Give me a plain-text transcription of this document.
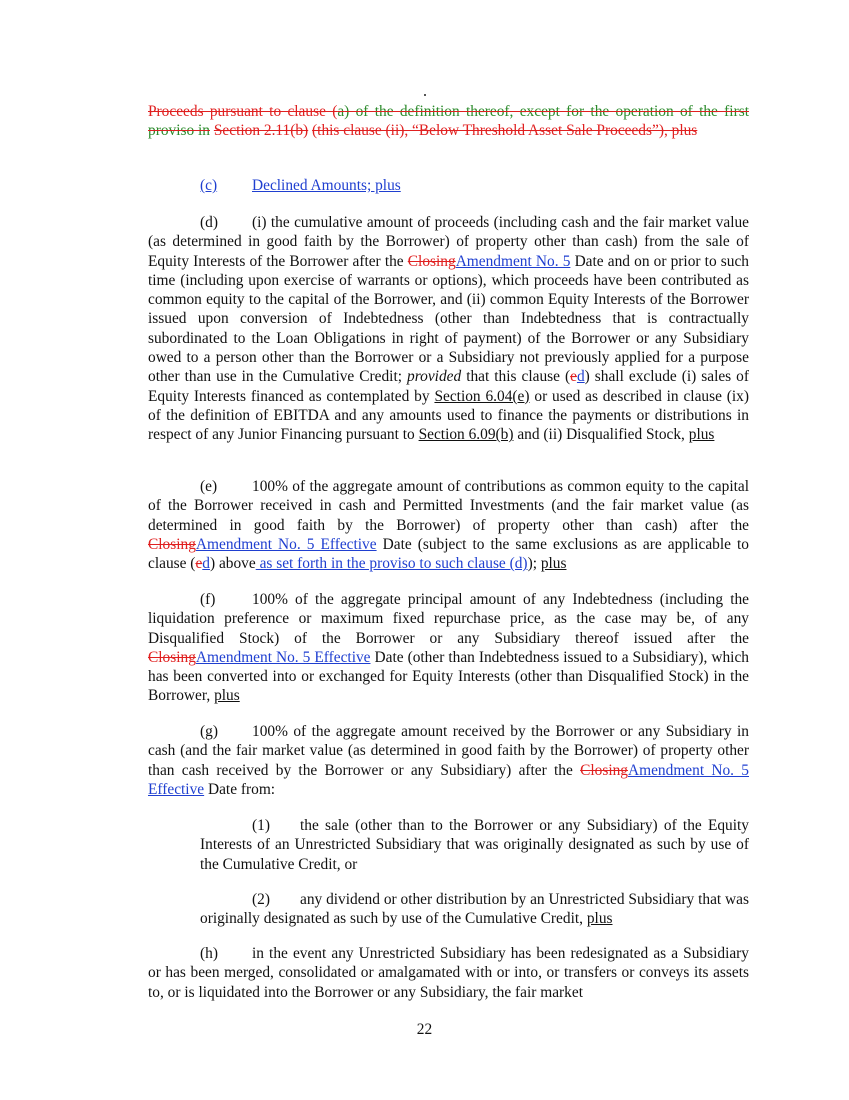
Proceeds pursuant to clause (a) of the definition thereof, except for the operation of the first proviso in Section 2.11(b) (this clause (ii), “Below Threshold Asset Sale Proceeds”), plus

(c) Declined Amounts; plus

(d) (i) the cumulative amount of proceeds (including cash and the fair market value (as determined in good faith by the Borrower) of property other than cash) from the sale of Equity Interests of the Borrower after the ClosingAmendment No. 5 Date and on or prior to such time (including upon exercise of warrants or options), which proceeds have been contributed as common equity to the capital of the Borrower, and (ii) common Equity Interests of the Borrower issued upon conversion of Indebtedness (other than Indebtedness that is contractually subordinated to the Loan Obligations in right of payment) of the Borrower or any Subsidiary owed to a person other than the Borrower or a Subsidiary not previously applied for a purpose other than use in the Cumulative Credit; provided that this clause (ed) shall exclude (i) sales of Equity Interests financed as contemplated by Section 6.04(e) or used as described in clause (ix) of the definition of EBITDA and any amounts used to finance the payments or distributions in respect of any Junior Financing pursuant to Section 6.09(b) and (ii) Disqualified Stock, plus

(e) 100% of the aggregate amount of contributions as common equity to the capital of the Borrower received in cash and Permitted Investments (and the fair market value (as determined in good faith by the Borrower) of property other than cash) after the ClosingAmendment No. 5 Effective Date (subject to the same exclusions as are applicable to clause (ed) above as set forth in the proviso to such clause (d)); plus

(f) 100% of the aggregate principal amount of any Indebtedness (including the liquidation preference or maximum fixed repurchase price, as the case may be, of any Disqualified Stock) of the Borrower or any Subsidiary thereof issued after the ClosingAmendment No. 5 Effective Date (other than Indebtedness issued to a Subsidiary), which has been converted into or exchanged for Equity Interests (other than Disqualified Stock) in the Borrower, plus

(g) 100% of the aggregate amount received by the Borrower or any Subsidiary in cash (and the fair market value (as determined in good faith by the Borrower) of property other than cash received by the Borrower or any Subsidiary) after the ClosingAmendment No. 5 Effective Date from:

(1) the sale (other than to the Borrower or any Subsidiary) of the Equity Interests of an Unrestricted Subsidiary that was originally designated as such by use of the Cumulative Credit, or

(2) any dividend or other distribution by an Unrestricted Subsidiary that was originally designated as such by use of the Cumulative Credit, plus

(h) in the event any Unrestricted Subsidiary has been redesignated as a Subsidiary or has been merged, consolidated or amalgamated with or into, or transfers or conveys its assets to, or is liquidated into the Borrower or any Subsidiary, the fair market

22
